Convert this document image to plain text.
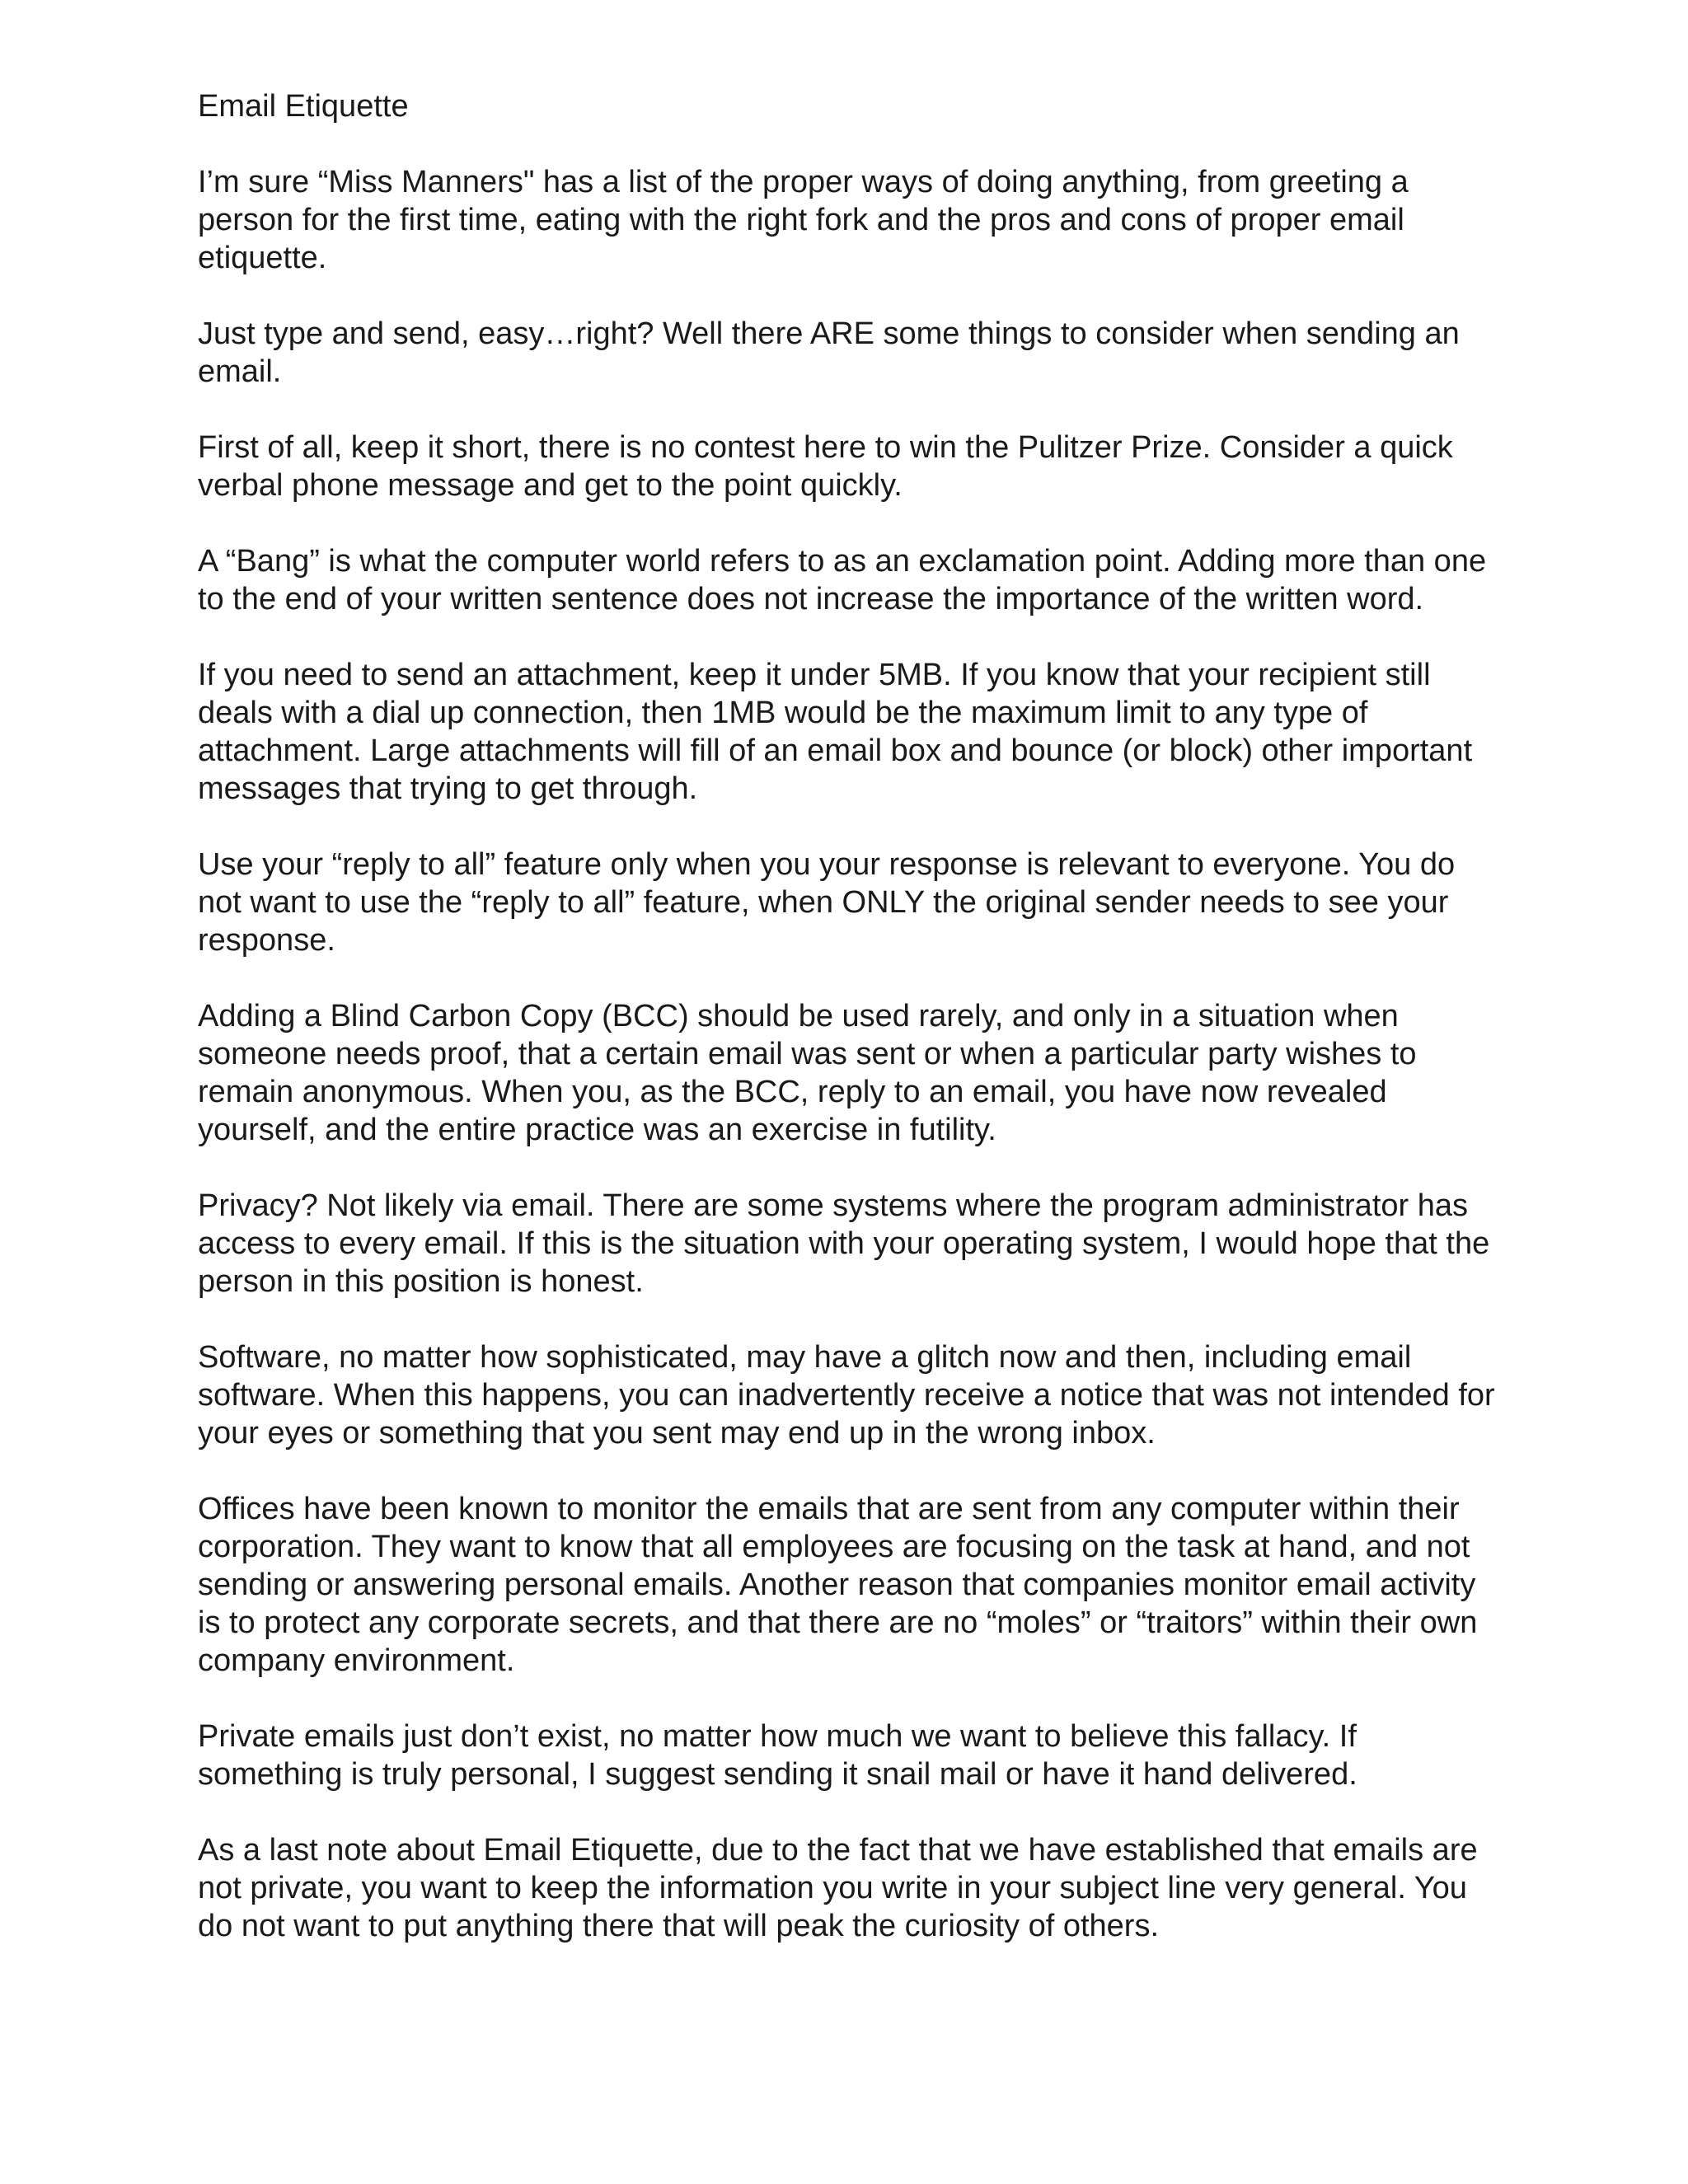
Email Etiquette

I’m sure “Miss Manners" has a list of the proper ways of doing anything, from greeting a person for the first time, eating with the right fork and the pros and cons of proper email etiquette.

Just type and send, easy…right? Well there ARE some things to consider when sending an email.

First of all, keep it short, there is no contest here to win the Pulitzer Prize. Consider a quick verbal phone message and get to the point quickly.

A “Bang” is what the computer world refers to as an exclamation point. Adding more than one to the end of your written sentence does not increase the importance of the written word.

If you need to send an attachment, keep it under 5MB. If you know that your recipient still deals with a dial up connection, then 1MB would be the maximum limit to any type of attachment. Large attachments will fill of an email box and bounce (or block) other important messages that trying to get through.

Use your “reply to all” feature only when you your response is relevant to everyone. You do not want to use the “reply to all” feature, when ONLY the original sender needs to see your response.

Adding a Blind Carbon Copy (BCC) should be used rarely, and only in a situation when someone needs proof, that a certain email was sent or when a particular party wishes to remain anonymous. When you, as the BCC, reply to an email, you have now revealed yourself, and the entire practice was an exercise in futility.

Privacy? Not likely via email. There are some systems where the program administrator has access to every email. If this is the situation with your operating system, I would hope that the person in this position is honest.

Software, no matter how sophisticated, may have a glitch now and then, including email software. When this happens, you can inadvertently receive a notice that was not intended for your eyes or something that you sent may end up in the wrong inbox.

Offices have been known to monitor the emails that are sent from any computer within their corporation. They want to know that all employees are focusing on the task at hand, and not sending or answering personal emails. Another reason that companies monitor email activity is to protect any corporate secrets, and that there are no “moles” or “traitors” within their own company environment.

Private emails just don’t exist, no matter how much we want to believe this fallacy. If something is truly personal, I suggest sending it snail mail or have it hand delivered.

As a last note about Email Etiquette, due to the fact that we have established that emails are not private, you want to keep the information you write in your subject line very general. You do not want to put anything there that will peak the curiosity of others.
